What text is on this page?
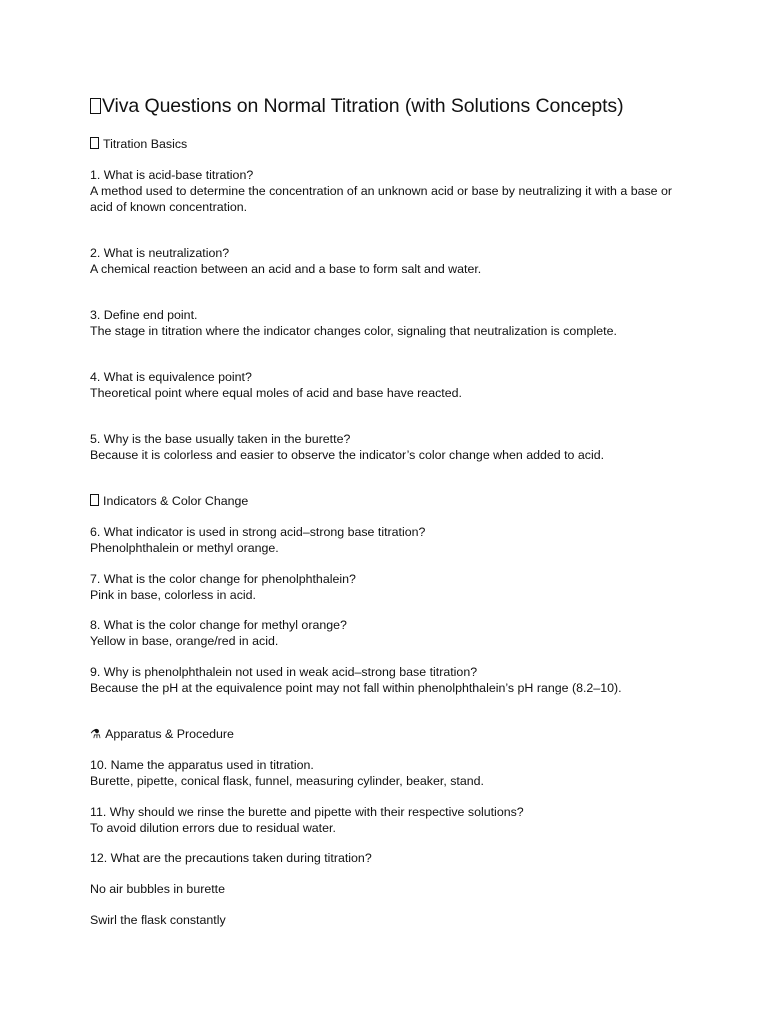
Viva Questions on Normal Titration (with Solutions Concepts)

Titration Basics

1. What is acid-base titration?

A method used to determine the concentration of an unknown acid or base by neutralizing it with a base or acid of known concentration.

2. What is neutralization?

A chemical reaction between an acid and a base to form salt and water.

3. Define end point.

The stage in titration where the indicator changes color, signaling that neutralization is complete.

4. What is equivalence point?

Theoretical point where equal moles of acid and base have reacted.

5. Why is the base usually taken in the burette?

Because it is colorless and easier to observe the indicator’s color change when added to acid.

Indicators & Color Change

6. What indicator is used in strong acid–strong base titration?

Phenolphthalein or methyl orange.

7. What is the color change for phenolphthalein?

Pink in base, colorless in acid.

8. What is the color change for methyl orange?

Yellow in base, orange/red in acid.

9. Why is phenolphthalein not used in weak acid–strong base titration?

Because the pH at the equivalence point may not fall within phenolphthalein’s pH range (8.2–10).

⚗ Apparatus & Procedure

10. Name the apparatus used in titration.

Burette, pipette, conical flask, funnel, measuring cylinder, beaker, stand.

11. Why should we rinse the burette and pipette with their respective solutions?

To avoid dilution errors due to residual water.

12. What are the precautions taken during titration?

No air bubbles in burette

Swirl the flask constantly
